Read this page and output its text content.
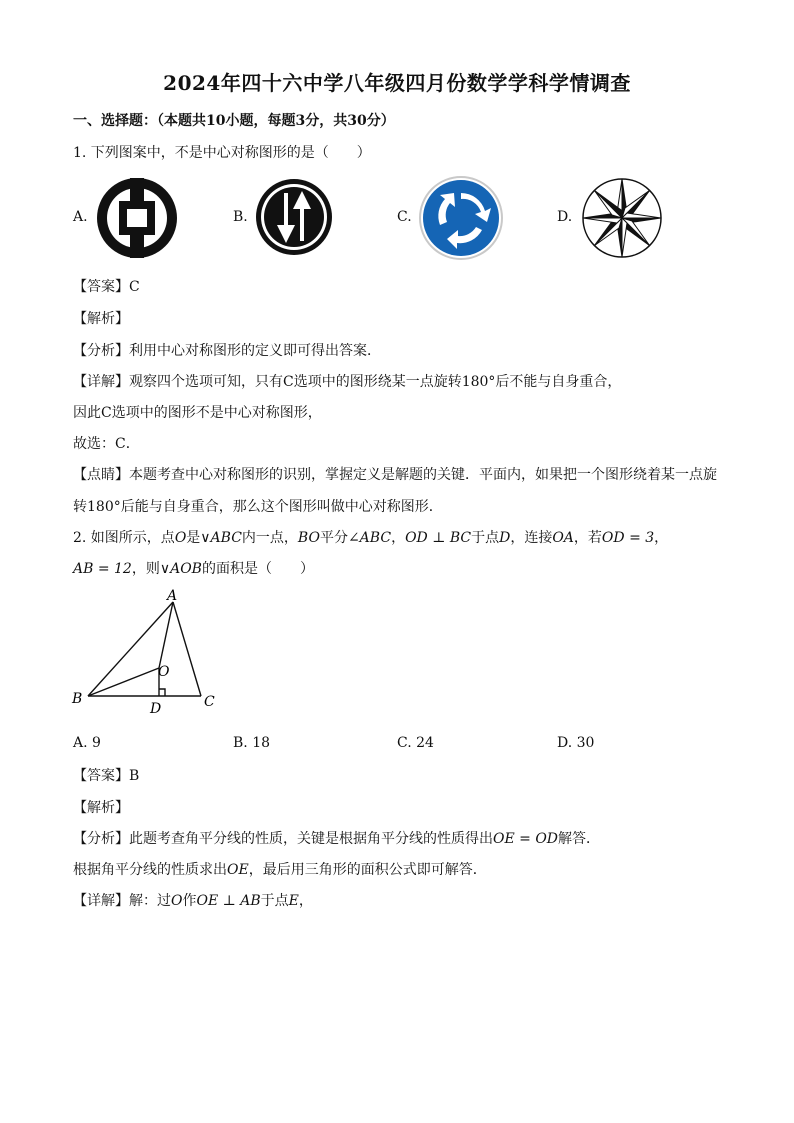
2024年四十六中学八年级四月份数学学科学情调查
一、选择题：（本题共10小题，每题3分，共30分）
1. 下列图案中，不是中心对称图形的是（　　）
A.	B.	C.	D.
【答案】C
【解析】
【分析】利用中心对称图形的定义即可得出答案．
【详解】观察四个选项可知，只有C选项中的图形绕某一点旋转180°后不能与自身重合，
因此C选项中的图形不是中心对称图形，
故选：C．
【点睛】本题考查中心对称图形的识别，掌握定义是解题的关键．平面内，如果把一个图形绕着某一点旋
转180°后能与自身重合，那么这个图形叫做中心对称图形．
2. 如图所示，点O是∨ABC内一点，BO平分∠ABC，OD ⊥ BC于点D，连接OA，若OD = 3，
AB = 12，则∨AOB的面积是（　　）
A
B	C
O
D
A. 9	B. 18	C. 24	D. 30
【答案】B
【解析】
【分析】此题考查角平分线的性质，关键是根据角平分线的性质得出OE = OD解答．
根据角平分线的性质求出OE，最后用三角形的面积公式即可解答．
【详解】解：过O作OE ⊥ AB于点E，
